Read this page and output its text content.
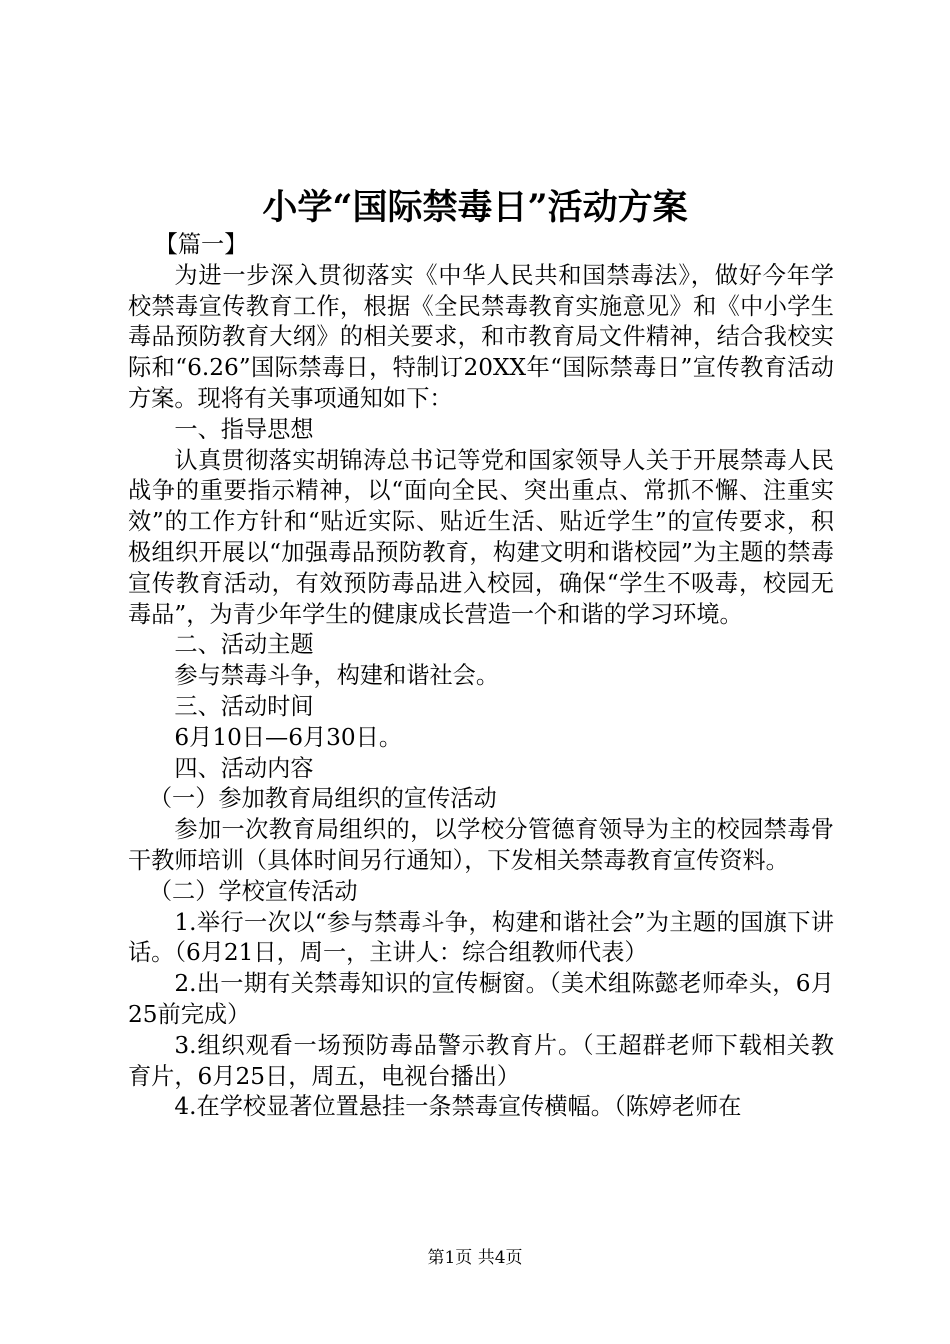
小学“国际禁毒日”活动方案

【篇一】

为进一步深入贯彻落实《中华人民共和国禁毒法》，做好今年学校禁毒宣传教育工作，根据《全民禁毒教育实施意见》和《中小学生毒品预防教育大纲》的相关要求，和市教育局文件精神，结合我校实际和“6.26”国际禁毒日，特制订20XX年“国际禁毒日”宣传教育活动方案。现将有关事项通知如下：

一、指导思想

认真贯彻落实胡锦涛总书记等党和国家领导人关于开展禁毒人民战争的重要指示精神，以“面向全民、突出重点、常抓不懈、注重实效”的工作方针和“贴近实际、贴近生活、贴近学生”的宣传要求，积极组织开展以“加强毒品预防教育，构建文明和谐校园”为主题的禁毒宣传教育活动，有效预防毒品进入校园，确保“学生不吸毒，校园无毒品”，为青少年学生的健康成长营造一个和谐的学习环境。

二、活动主题

参与禁毒斗争，构建和谐社会。

三、活动时间

6月10日—6月30日。

四、活动内容

（一）参加教育局组织的宣传活动

参加一次教育局组织的，以学校分管德育领导为主的校园禁毒骨干教师培训（具体时间另行通知），下发相关禁毒教育宣传资料。

（二）学校宣传活动

1.举行一次以“参与禁毒斗争，构建和谐社会”为主题的国旗下讲话。（6月21日，周一，主讲人：综合组教师代表）

2.出一期有关禁毒知识的宣传橱窗。（美术组陈懿老师牵头，6月25前完成）

3.组织观看一场预防毒品警示教育片。（王超群老师下载相关教育片，6月25日，周五，电视台播出）

4.在学校显著位置悬挂一条禁毒宣传横幅。（陈婷老师在

第1页 共4页
